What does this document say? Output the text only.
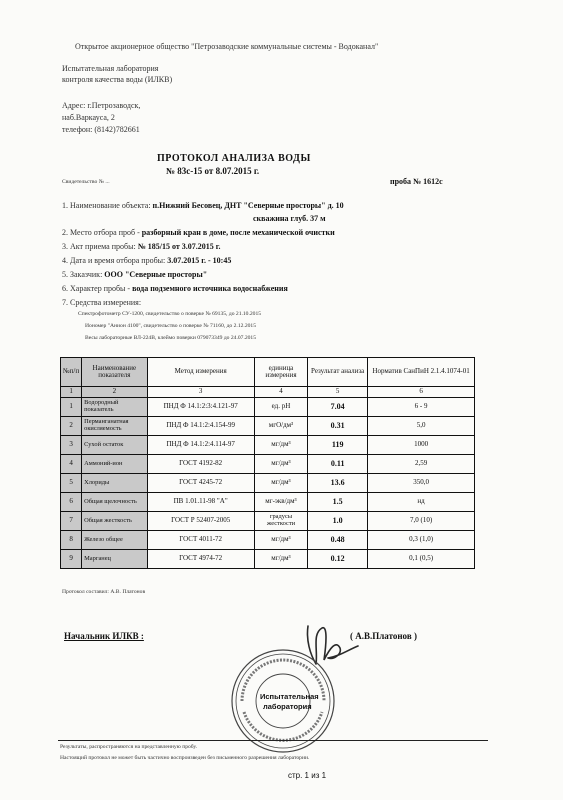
Открытое акционерное общество "Петрозаводские коммунальные системы - Водоканал"
Испытательная лаборатория
контроля качества воды (ИЛКВ)
Адрес: г.Петрозаводск,
наб.Варкауса, 2
телефон: (8142)782661
ПРОТОКОЛ АНАЛИЗА ВОДЫ
№ 83с-15 от 8.07.2015 г.
Свидетельство № ...	проба № 1612с
1. Наименование объекта: п.Нижний Бесовец, ДНТ "Северные просторы" д. 10
скважина глуб. 37 м
2. Место отбора проб - разборный кран в доме, после механической очистки
3. Акт приема пробы: № 185/15 от 3.07.2015 г.
4. Дата и время отбора пробы: 3.07.2015 г. - 10:45
5. Заказчик: ООО "Северные просторы"
6. Характер пробы - вода подземного источника водоснабжения
7. Средства измерения:
Спектрофотометр СУ-1200, свидетельство о поверке № 69135, до 21.10.2015
Иономер "Анион 4100", свидетельство о поверке № 71160, до 2.12.2015
Весы лабораторные ВЛ-224В, клеймо поверки 079073349 до 24.07.2015
№п/п	Наименование показателя	Метод измерения	единица измерения	Результат анализа	Норматив СанПиН 2.1.4.1074-01
1	2	3	4	5	6
1	Водородный показатель	ПНД Ф 14.1:2:3:4.121-97	ед. рН	7.04	6 - 9
2	Перманганатная окисляемость	ПНД Ф 14.1:2:4.154-99	мгО/дм³	0.31	5,0
3	Сухой остаток	ПНД Ф 14.1:2:4.114-97	мг/дм³	119	1000
4	Аммоний-ион	ГОСТ 4192-82	мг/дм³	0.11	2,59
5	Хлориды	ГОСТ 4245-72	мг/дм³	13.6	350,0
6	Общая щелочность	ПВ 1.01.11-98 "А"	мг-экв/дм³	1.5	нд
7	Общая жесткость	ГОСТ Р 52407-2005	градусы жесткости	1.0	7,0 (10)
8	Железо общее	ГОСТ 4011-72	мг/дм³	0.48	0,3 (1,0)
9	Марганец	ГОСТ 4974-72	мг/дм³	0.12	0,1 (0,5)
Протокол составил: А.В. Платонов
Начальник ИЛКВ :	( А.В.Платонов )
Испытательная
лаборатория
Результаты, распространяются на представленную пробу.
Настоящий протокол не может быть частично воспроизведен без письменного разрешения лаборатории.
стр. 1 из 1
